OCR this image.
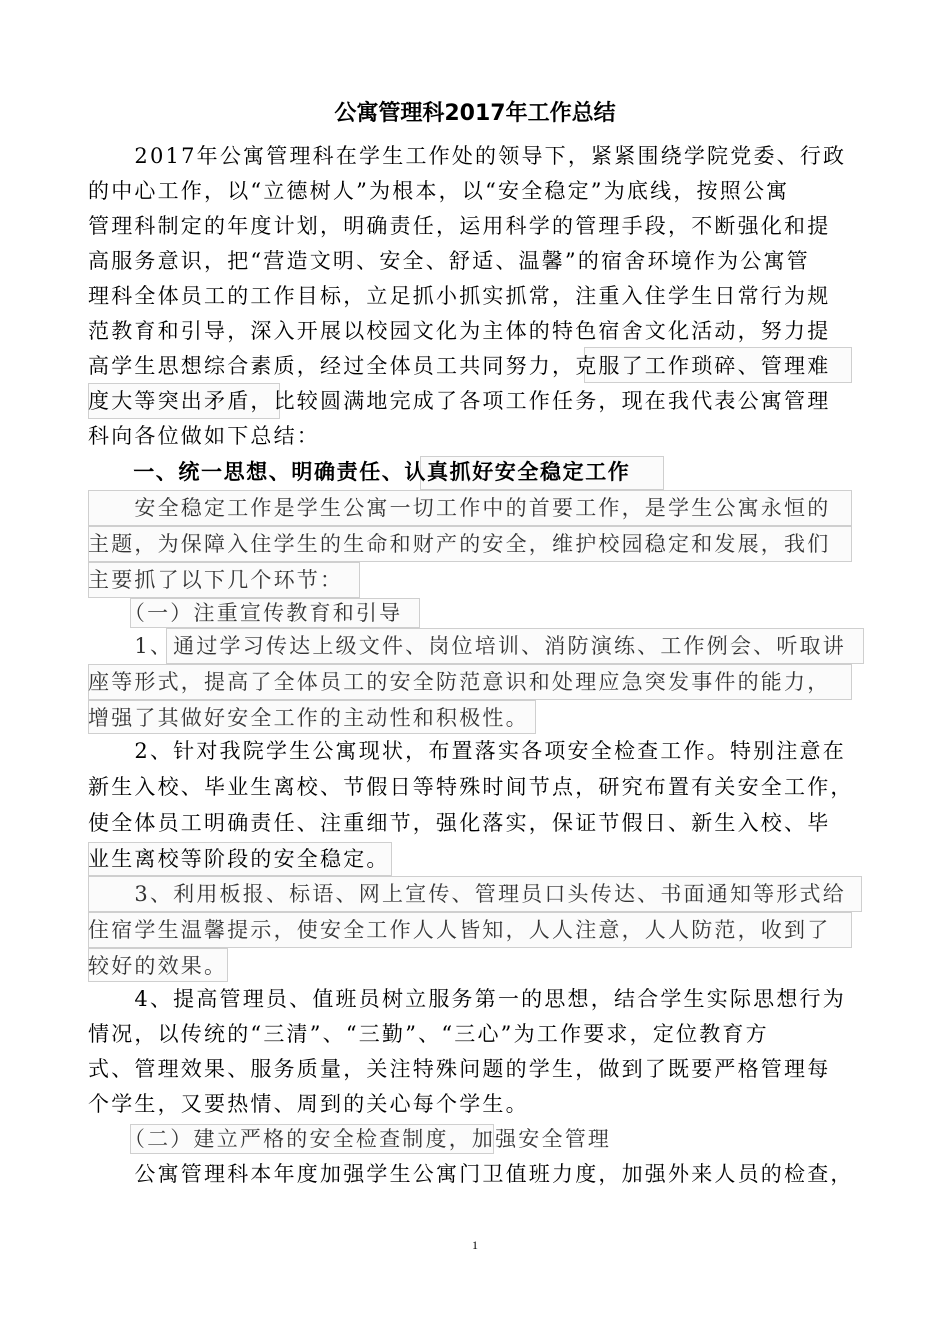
公寓管理科2017年工作总结
　　2017年公寓管理科在学生工作处的领导下，紧紧围绕学院党委、行政
的中心工作，以“立德树人”为根本，以“安全稳定”为底线，按照公寓
管理科制定的年度计划，明确责任，运用科学的管理手段，不断强化和提
高服务意识，把“营造文明、安全、舒适、温馨”的宿舍环境作为公寓管
理科全体员工的工作目标，立足抓小抓实抓常，注重入住学生日常行为规
范教育和引导，深入开展以校园文化为主体的特色宿舍文化活动，努力提
高学生思想综合素质，经过全体员工共同努力，克服了工作琐碎、管理难
度大等突出矛盾，比较圆满地完成了各项工作任务，现在我代表公寓管理
科向各位做如下总结：
　　一、统一思想、明确责任、认真抓好安全稳定工作
　　安全稳定工作是学生公寓一切工作中的首要工作，是学生公寓永恒的
主题，为保障入住学生的生命和财产的安全，维护校园稳定和发展，我们
主要抓了以下几个环节：
　　（一）注重宣传教育和引导
　　1、通过学习传达上级文件、岗位培训、消防演练、工作例会、听取讲
座等形式，提高了全体员工的安全防范意识和处理应急突发事件的能力，
增强了其做好安全工作的主动性和积极性。
　　2、针对我院学生公寓现状，布置落实各项安全检查工作。特别注意在
新生入校、毕业生离校、节假日等特殊时间节点，研究布置有关安全工作，
使全体员工明确责任、注重细节，强化落实，保证节假日、新生入校、毕
业生离校等阶段的安全稳定。
　　3、利用板报、标语、网上宣传、管理员口头传达、书面通知等形式给
住宿学生温馨提示，使安全工作人人皆知，人人注意，人人防范，收到了
较好的效果。
　　4、提高管理员、值班员树立服务第一的思想，结合学生实际思想行为
情况，以传统的“三清”、“三勤”、“三心”为工作要求，定位教育方
式、管理效果、服务质量，关注特殊问题的学生，做到了既要严格管理每
个学生，又要热情、周到的关心每个学生。
　　（二）建立严格的安全检查制度，加强安全管理
　　公寓管理科本年度加强学生公寓门卫值班力度，加强外来人员的检查，
1
